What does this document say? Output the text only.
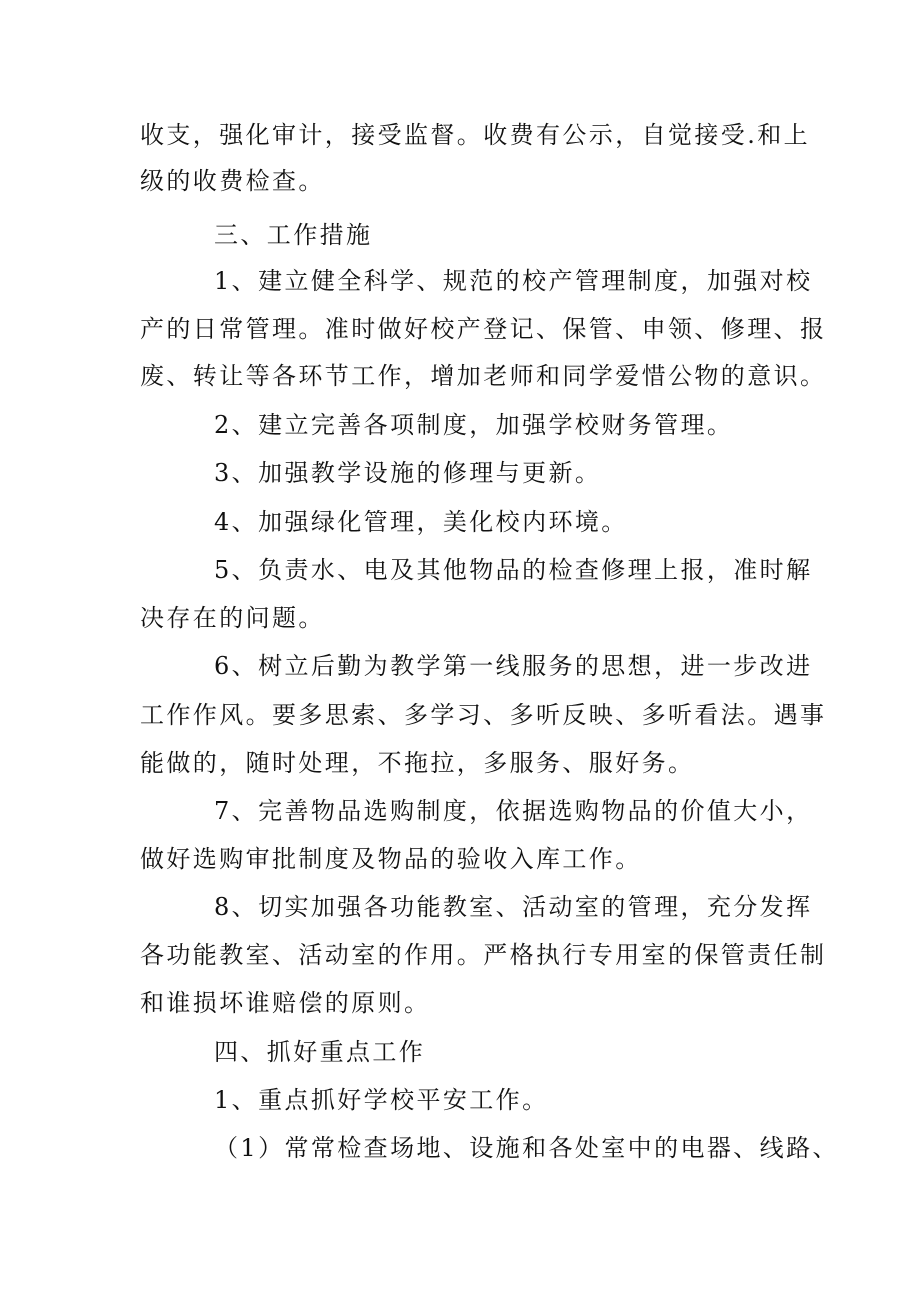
收支，强化审计，接受监督。收费有公示，自觉接受.和上
级的收费检查。
三、工作措施
1、建立健全科学、规范的校产管理制度，加强对校
产的日常管理。准时做好校产登记、保管、申领、修理、报
废、转让等各环节工作，增加老师和同学爱惜公物的意识。
2、建立完善各项制度，加强学校财务管理。
3、加强教学设施的修理与更新。
4、加强绿化管理，美化校内环境。
5、负责水、电及其他物品的检查修理上报，准时解
决存在的问题。
6、树立后勤为教学第一线服务的思想，进一步改进
工作作风。要多思索、多学习、多听反映、多听看法。遇事
能做的，随时处理，不拖拉，多服务、服好务。
7、完善物品选购制度，依据选购物品的价值大小，
做好选购审批制度及物品的验收入库工作。
8、切实加强各功能教室、活动室的管理，充分发挥
各功能教室、活动室的作用。严格执行专用室的保管责任制
和谁损坏谁赔偿的原则。
四、抓好重点工作
1、重点抓好学校平安工作。
（1）常常检查场地、设施和各处室中的电器、线路、
